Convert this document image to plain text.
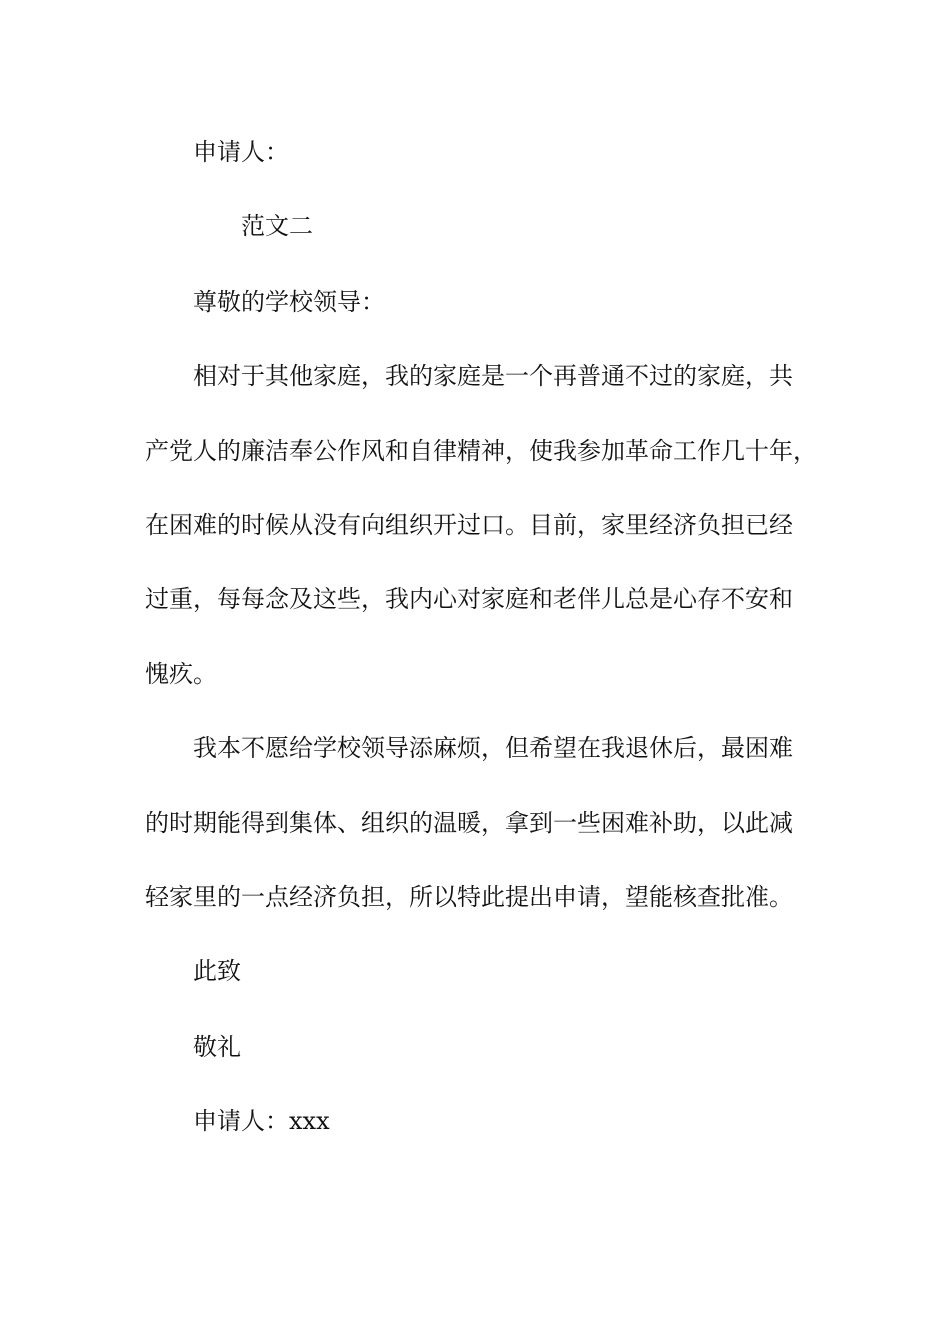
申请人：
范文二
尊敬的学校领导：
相对于其他家庭，我的家庭是一个再普通不过的家庭，共
产党人的廉洁奉公作风和自律精神，使我参加革命工作几十年，
在困难的时候从没有向组织开过口。目前，家里经济负担已经
过重，每每念及这些，我内心对家庭和老伴儿总是心存不安和
愧疚。
我本不愿给学校领导添麻烦，但希望在我退休后，最困难
的时期能得到集体、组织的温暖，拿到一些困难补助，以此减
轻家里的一点经济负担，所以特此提出申请，望能核查批准。
此致
敬礼
申请人：xxx
